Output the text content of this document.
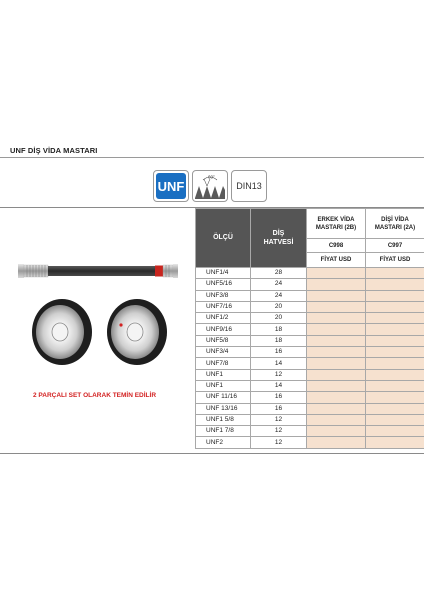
UNF DİŞ VİDA MASTARI
UNF
60°
DIN13
2 PARÇALI SET OLARAK TEMİN EDİLİR
ÖLÇÜ	DİŞ HATVESİ	ERKEK VİDA MASTARI (2B)	DİŞİ VİDA MASTARI (2A)
		C998	C997
		FİYAT USD	FİYAT USD
UNF1/4	28		
UNF5/16	24		
UNF3/8	24		
UNF7/16	20		
UNF1/2	20		
UNF9/16	18		
UNF5/8	18		
UNF3/4	16		
UNF7/8	14		
UNF1	12		
UNF1	14		
UNF 11/16	16		
UNF 13/16	16		
UNF1 5/8	12		
UNF1 7/8	12		
UNF2	12		
